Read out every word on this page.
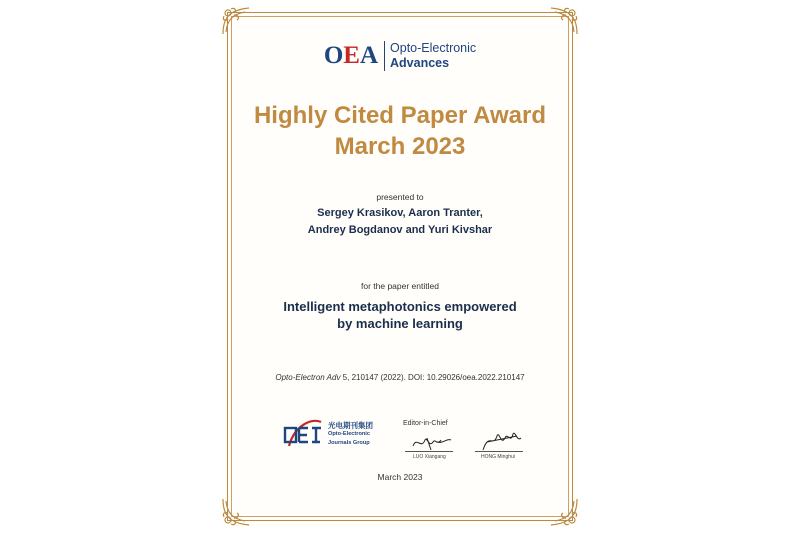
OEA Opto-Electronic
Advances
Highly Cited Paper Award
March 2023
presented to
Sergey Krasikov, Aaron Tranter,
Andrey Bogdanov and Yuri Kivshar
for the paper entitled
Intelligent metaphotonics empowered
by machine learning
Opto-Electron Adv 5, 210147 (2022). DOI: 10.29026/oea.2022.210147
光电期刊集团
Opto-Electronic
Journals Group
Editor-in-Chief
LUO Xiangang	HONG Minghui
March 2023
